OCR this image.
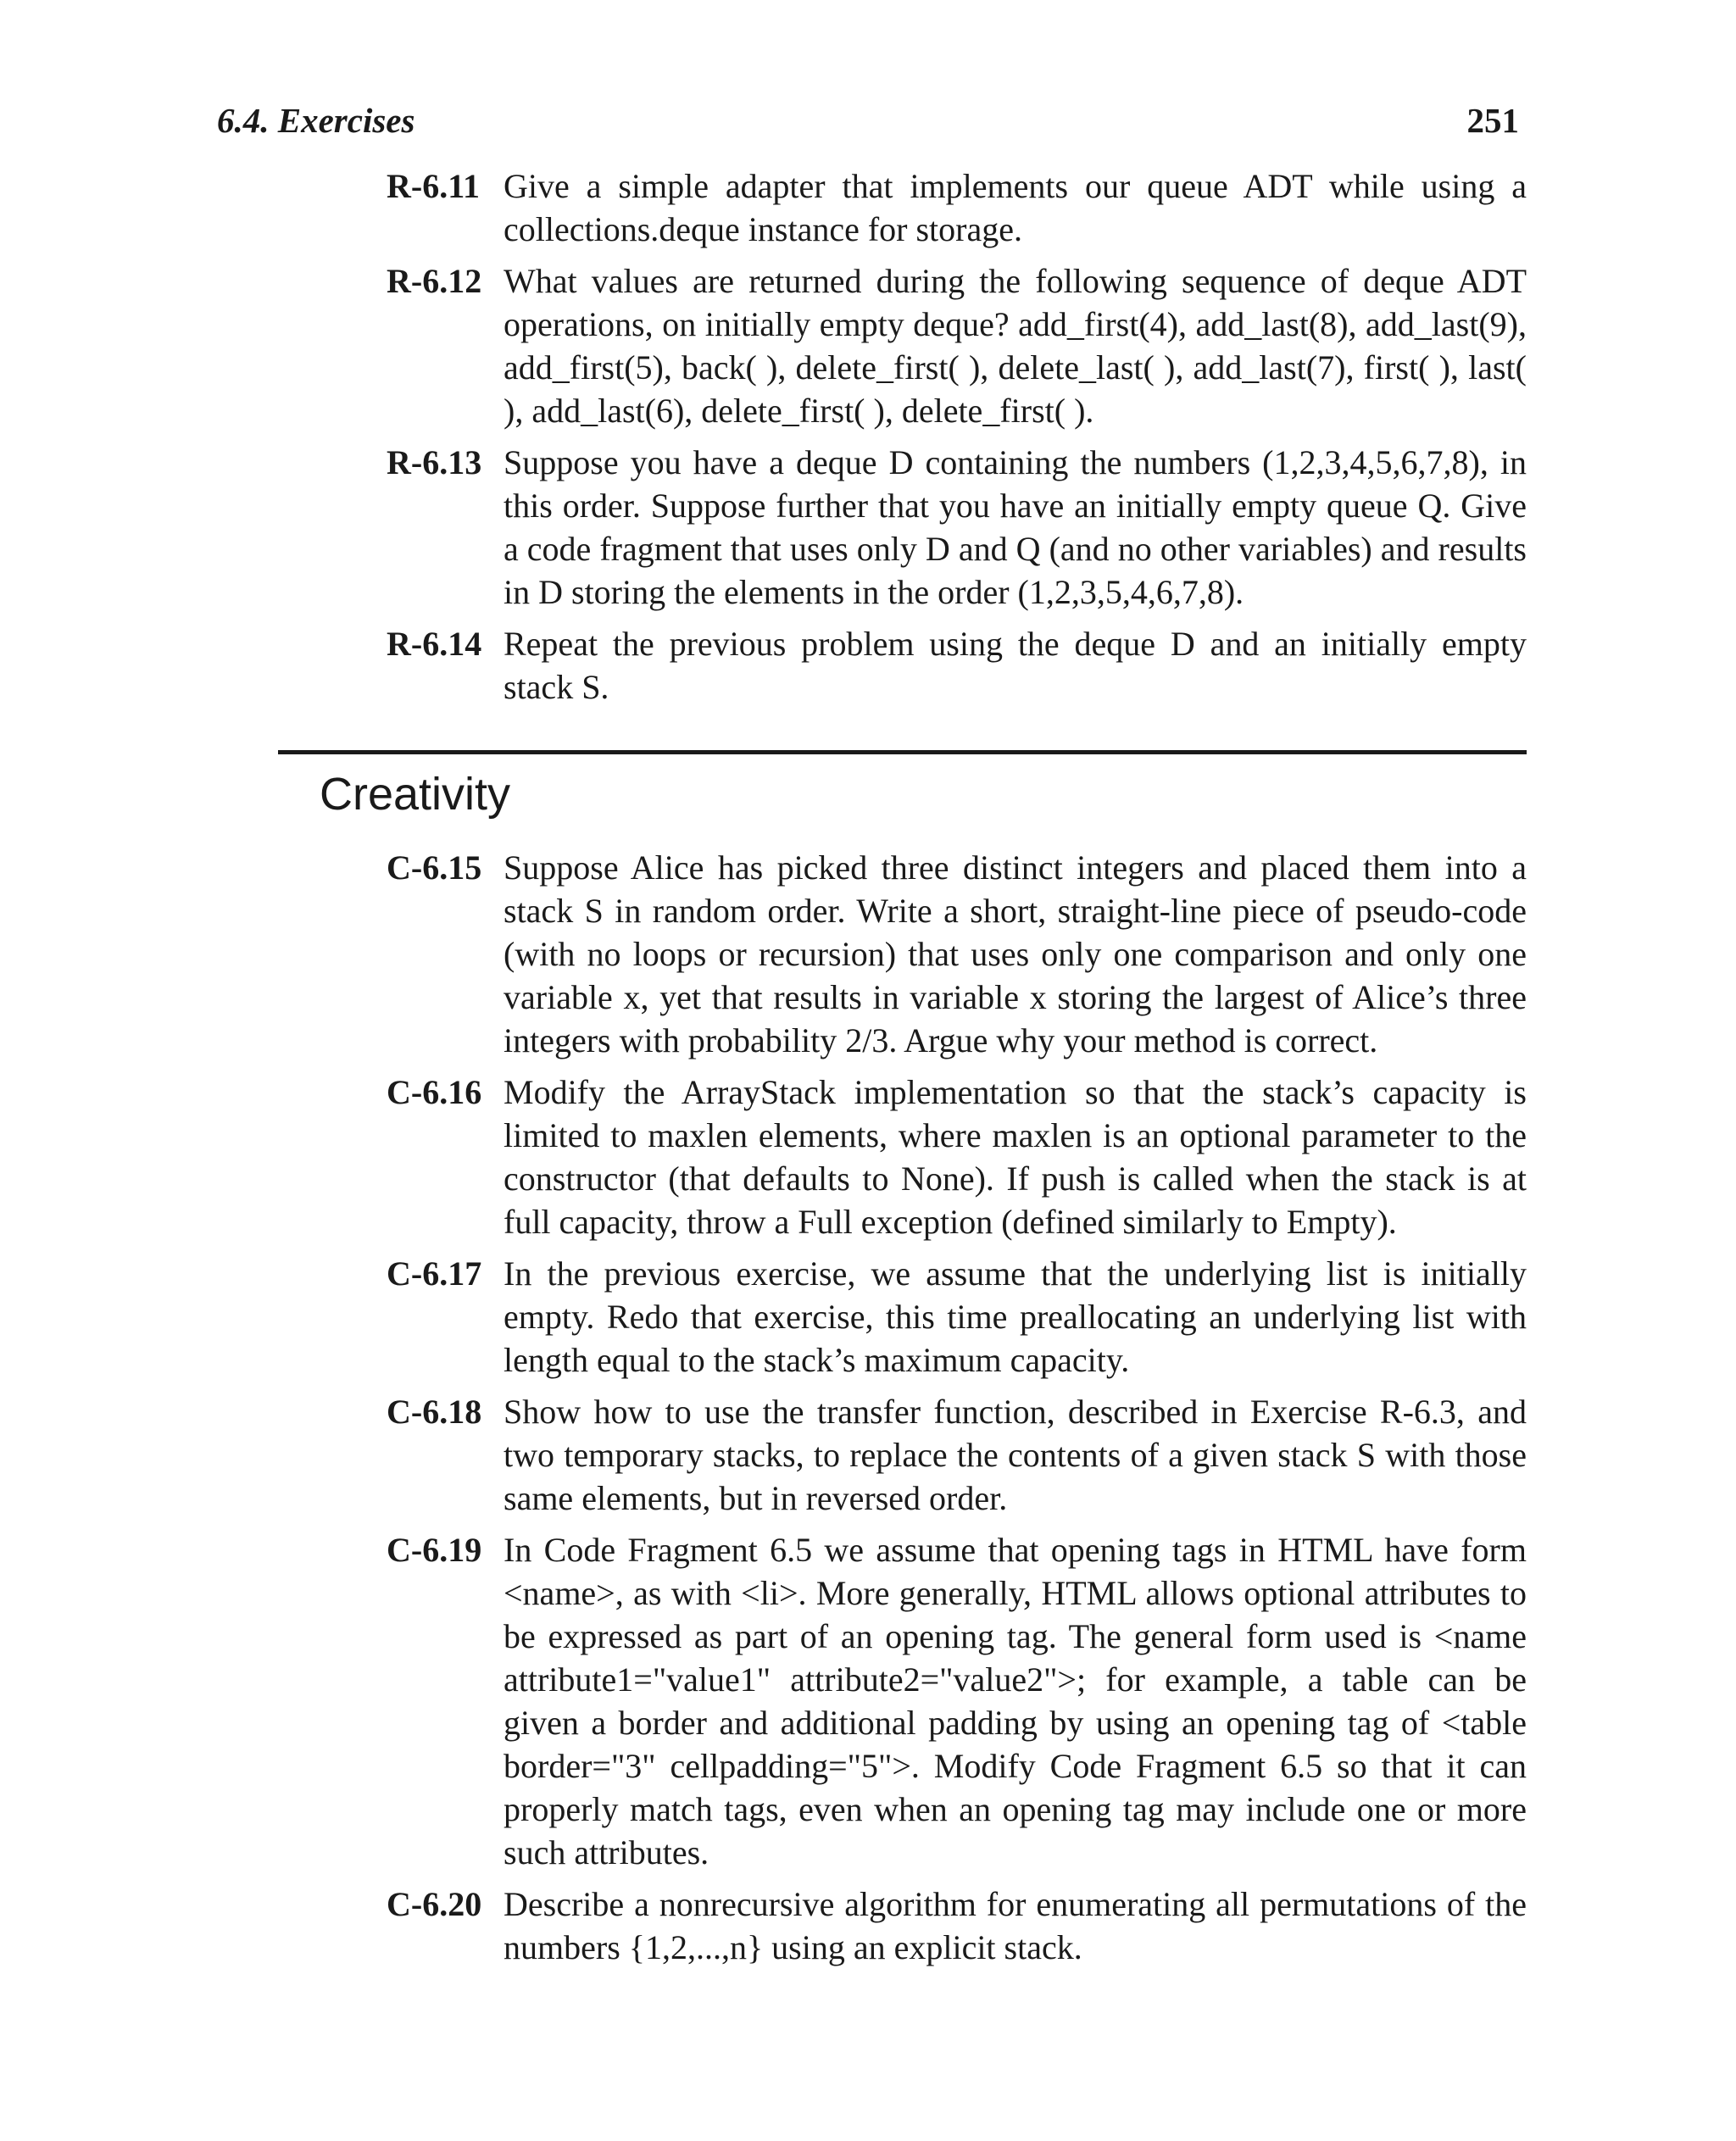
6.4. Exercises	251
R-6.11 Give a simple adapter that implements our queue ADT while using a collections.deque instance for storage.
R-6.12 What values are returned during the following sequence of deque ADT operations, on initially empty deque? add_first(4), add_last(8), add_last(9), add_first(5), back( ), delete_first( ), delete_last( ), add_last(7), first( ), last( ), add_last(6), delete_first( ), delete_first( ).
R-6.13 Suppose you have a deque D containing the numbers (1,2,3,4,5,6,7,8), in this order. Suppose further that you have an initially empty queue Q. Give a code fragment that uses only D and Q (and no other variables) and results in D storing the elements in the order (1,2,3,5,4,6,7,8).
R-6.14 Repeat the previous problem using the deque D and an initially empty stack S.
Creativity
C-6.15 Suppose Alice has picked three distinct integers and placed them into a stack S in random order. Write a short, straight-line piece of pseudo-code (with no loops or recursion) that uses only one comparison and only one variable x, yet that results in variable x storing the largest of Alice’s three integers with probability 2/3. Argue why your method is correct.
C-6.16 Modify the ArrayStack implementation so that the stack’s capacity is limited to maxlen elements, where maxlen is an optional parameter to the constructor (that defaults to None). If push is called when the stack is at full capacity, throw a Full exception (defined similarly to Empty).
C-6.17 In the previous exercise, we assume that the underlying list is initially empty. Redo that exercise, this time preallocating an underlying list with length equal to the stack’s maximum capacity.
C-6.18 Show how to use the transfer function, described in Exercise R-6.3, and two temporary stacks, to replace the contents of a given stack S with those same elements, but in reversed order.
C-6.19 In Code Fragment 6.5 we assume that opening tags in HTML have form <name>, as with <li>. More generally, HTML allows optional attributes to be expressed as part of an opening tag. The general form used is <name attribute1="value1" attribute2="value2">; for example, a table can be given a border and additional padding by using an opening tag of <table border="3" cellpadding="5">. Modify Code Fragment 6.5 so that it can properly match tags, even when an opening tag may include one or more such attributes.
C-6.20 Describe a nonrecursive algorithm for enumerating all permutations of the numbers {1,2,...,n} using an explicit stack.
